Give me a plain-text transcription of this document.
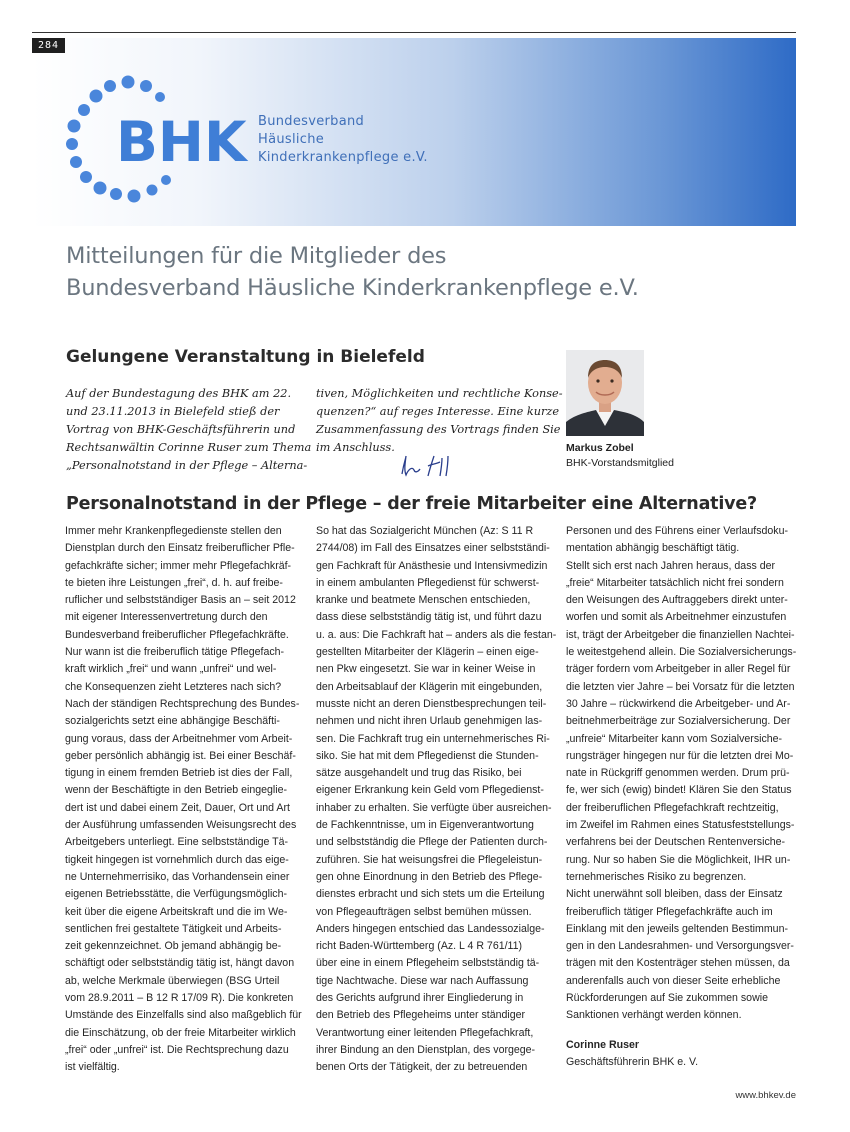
284
BHK Bundesverband
Häusliche
Kinderkrankenpflege e.V.
Mitteilungen für die Mitglieder des
Bundesverband Häusliche Kinderkrankenpflege e.V.
Gelungene Veranstaltung in Bielefeld
Auf der Bundestagung des BHK am 22.
und 23.11.2013 in Bielefeld stieß der
Vortrag von BHK-Geschäftsführerin und
Rechtsanwältin Corinne Ruser zum Thema
„Personalnotstand in der Pflege – Alterna-
tiven, Möglichkeiten und rechtliche Konse-
quenzen?“ auf reges Interesse. Eine kurze
Zusammenfassung des Vortrags finden Sie
im Anschluss.	Markus Zobel
BHK-Vorstandsmitglied
Personalnotstand in der Pflege – der freie Mitarbeiter eine Alternative?
Immer mehr Krankenpflegedienste stellen den
Dienstplan durch den Einsatz freiberuflicher Pfle-
gefachkräfte sicher; immer mehr Pflegefachkräf-
te bieten ihre Leistungen „frei“, d. h. auf freibe-
ruflicher und selbstständiger Basis an – seit 2012
mit eigener Interessenvertretung durch den
Bundesverband freiberuflicher Pflegefachkräfte.
Nur wann ist die freiberuflich tätige Pflegefach-
kraft wirklich „frei“ und wann „unfrei“ und wel-
che Konsequenzen zieht Letzteres nach sich?
Nach der ständigen Rechtsprechung des Bundes-
sozialgerichts setzt eine abhängige Beschäfti-
gung voraus, dass der Arbeitnehmer vom Arbeit-
geber persönlich abhängig ist. Bei einer Beschäf-
tigung in einem fremden Betrieb ist dies der Fall,
wenn der Beschäftigte in den Betrieb eingeglie-
dert ist und dabei einem Zeit, Dauer, Ort und Art
der Ausführung umfassenden Weisungsrecht des
Arbeitgebers unterliegt. Eine selbstständige Tä-
tigkeit hingegen ist vornehmlich durch das eige-
ne Unternehmerrisiko, das Vorhandensein einer
eigenen Betriebsstätte, die Verfügungsmöglich-
keit über die eigene Arbeitskraft und die im We-
sentlichen frei gestaltete Tätigkeit und Arbeits-
zeit gekennzeichnet. Ob jemand abhängig be-
schäftigt oder selbstständig tätig ist, hängt davon
ab, welche Merkmale überwiegen (BSG Urteil
vom 28.9.2011 – B 12 R 17/09 R). Die konkreten
Umstände des Einzelfalls sind also maßgeblich für
die Einschätzung, ob der freie Mitarbeiter wirklich
„frei“ oder „unfrei“ ist. Die Rechtsprechung dazu
ist vielfältig.
So hat das Sozialgericht München (Az: S 11 R
2744/08) im Fall des Einsatzes einer selbstständi-
gen Fachkraft für Anästhesie und Intensivmedizin
in einem ambulanten Pflegedienst für schwerst-
kranke und beatmete Menschen entschieden,
dass diese selbstständig tätig ist, und führt dazu
u. a. aus: Die Fachkraft hat – anders als die festan-
gestellten Mitarbeiter der Klägerin – einen eige-
nen Pkw eingesetzt. Sie war in keiner Weise in
den Arbeitsablauf der Klägerin mit eingebunden,
musste nicht an deren Dienstbesprechungen teil-
nehmen und nicht ihren Urlaub genehmigen las-
sen. Die Fachkraft trug ein unternehmerisches Ri-
siko. Sie hat mit dem Pflegedienst die Stunden-
sätze ausgehandelt und trug das Risiko, bei
eigener Erkrankung kein Geld vom Pflegedienst-
inhaber zu erhalten. Sie verfügte über ausreichen-
de Fachkenntnisse, um in Eigenverantwortung
und selbstständig die Pflege der Patienten durch-
zuführen. Sie hat weisungsfrei die Pflegeleistun-
gen ohne Einordnung in den Betrieb des Pflege-
dienstes erbracht und sich stets um die Erteilung
von Pflegeaufträgen selbst bemühen müssen.
Anders hingegen entschied das Landessozialge-
richt Baden-Württemberg (Az. L 4 R 761/11)
über eine in einem Pflegeheim selbstständig tä-
tige Nachtwache. Diese war nach Auffassung
des Gerichts aufgrund ihrer Eingliederung in
den Betrieb des Pflegeheims unter ständiger
Verantwortung einer leitenden Pflegefachkraft,
ihrer Bindung an den Dienstplan, des vorgege-
benen Orts der Tätigkeit, der zu betreuenden
Personen und des Führens einer Verlaufsdoku-
mentation abhängig beschäftigt tätig.
Stellt sich erst nach Jahren heraus, dass der
„freie“ Mitarbeiter tatsächlich nicht frei sondern
den Weisungen des Auftraggebers direkt unter-
worfen und somit als Arbeitnehmer einzustufen
ist, trägt der Arbeitgeber die finanziellen Nachtei-
le weitestgehend allein. Die Sozialversicherungs-
träger fordern vom Arbeitgeber in aller Regel für
die letzten vier Jahre – bei Vorsatz für die letzten
30 Jahre – rückwirkend die Arbeitgeber- und Ar-
beitnehmerbeiträge zur Sozialversicherung. Der
„unfreie“ Mitarbeiter kann vom Sozialversiche-
rungsträger hingegen nur für die letzten drei Mo-
nate in Rückgriff genommen werden. Drum prü-
fe, wer sich (ewig) bindet! Klären Sie den Status
der freiberuflichen Pflegefachkraft rechtzeitig,
im Zweifel im Rahmen eines Statusfeststellungs-
verfahrens bei der Deutschen Rentenversiche-
rung. Nur so haben Sie die Möglichkeit, IHR un-
ternehmerisches Risiko zu begrenzen.
Nicht unerwähnt soll bleiben, dass der Einsatz
freiberuflich tätiger Pflegefachkräfte auch im
Einklang mit den jeweils geltenden Bestimmun-
gen in den Landesrahmen- und Versorgungsver-
trägen mit den Kostenträger stehen müssen, da
anderenfalls auch von dieser Seite erhebliche
Rückforderungen auf Sie zukommen sowie
Sanktionen verhängt werden können.
Corinne Ruser
Geschäftsführerin BHK e. V.
www.bhkev.de
